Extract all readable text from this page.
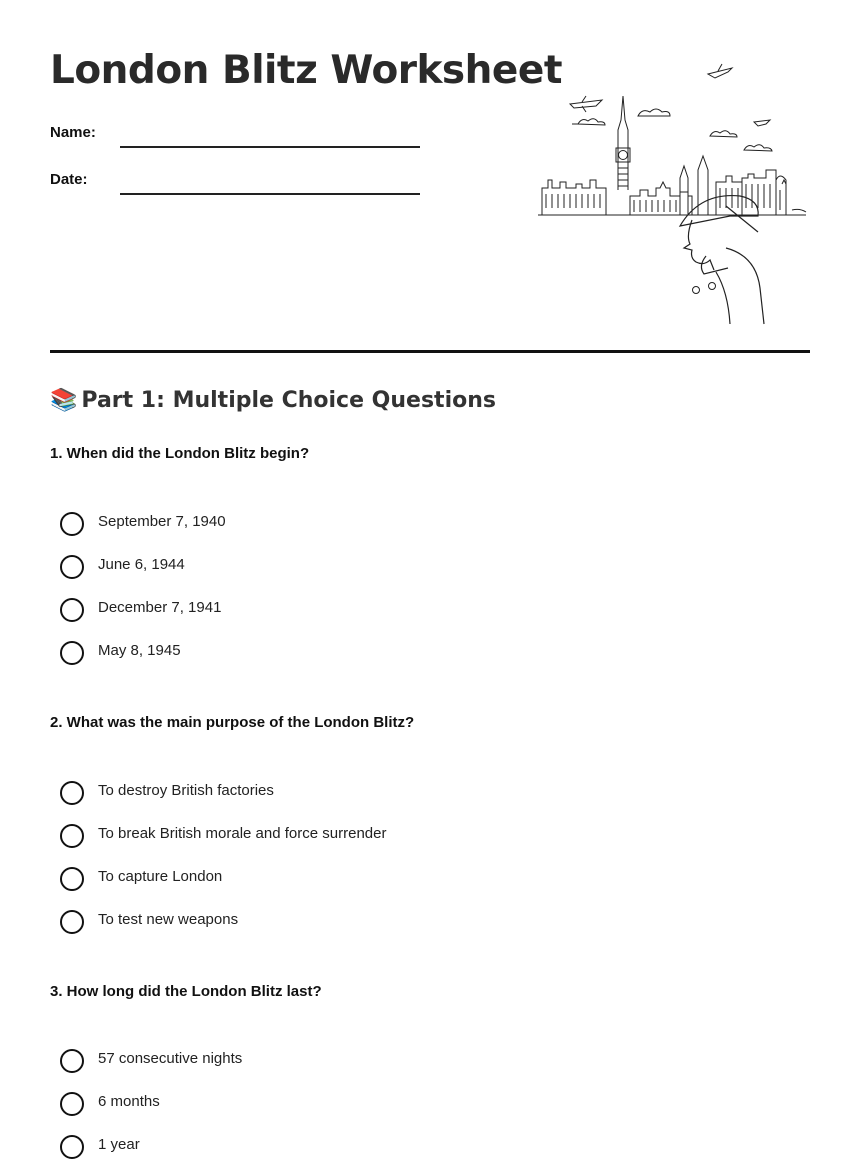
London Blitz Worksheet
Name:
Date:
📚 Part 1: Multiple Choice Questions
1. When did the London Blitz begin?
September 7, 1940
June 6, 1944
December 7, 1941
May 8, 1945
2. What was the main purpose of the London Blitz?
To destroy British factories
To break British morale and force surrender
To capture London
To test new weapons
3. How long did the London Blitz last?
57 consecutive nights
6 months
1 year
